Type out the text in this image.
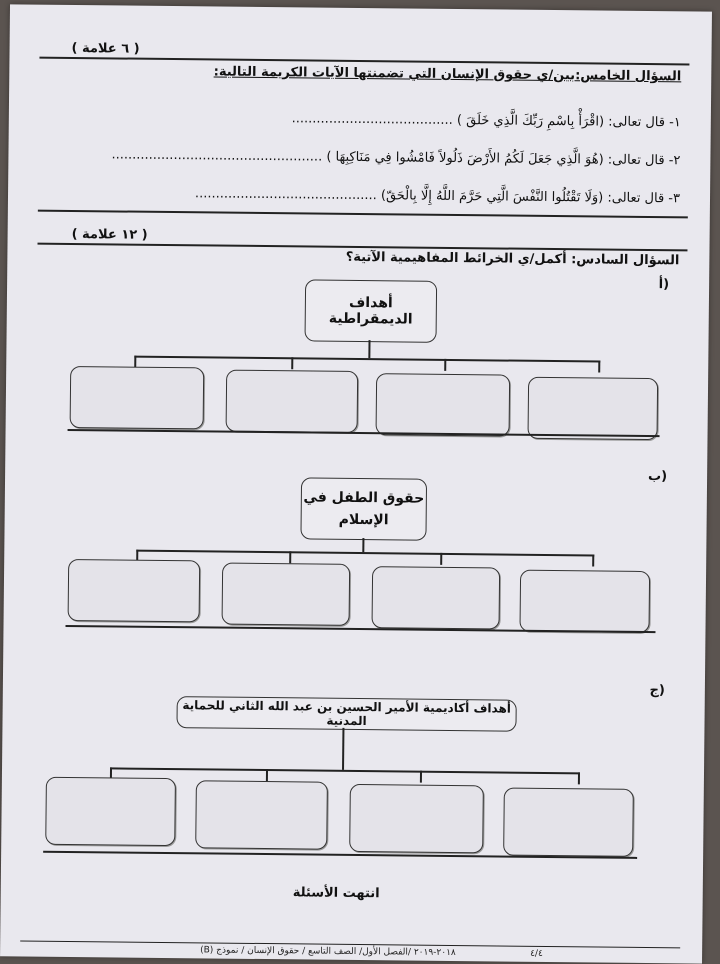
( ٦ علامة )
السؤال الخامس:بين/ي حقوق الإنسان التي تضمنتها الآيات الكريمة التالية:
١- قال تعالى: (اقْرَأْ بِاسْمِ رَبِّكَ الَّذِي خَلَقَ ) .......................................
٢- قال تعالى: (هُوَ الَّذِي جَعَلَ لَكُمُ الأَرْضَ ذَلُولاً فَامْشُوا فِي مَنَاكِبِهَا ) ...................................................
٣- قال تعالى: (وَلَا تَقْتُلُوا النَّفْسَ الَّتِي حَرَّمَ اللَّهُ إِلَّا بِالْحَقّ) ............................................
( ١٢ علامة )
السؤال السادس: أكمل/ي الخرائط المفاهيمية الآتية؟
أ)
أهداف الديمقراطية
ب)
حقوق الطفل في الإسلام
ج)
أهداف أكاديمية الأمير الحسين بن عبد الله الثاني للحماية المدنية
انتهت الأسئلة
٢٠١٨-٢٠١٩ /الفصل الأول/ الصف التاسع / حقوق الإنسان / نموذج (B)	٤/٤
